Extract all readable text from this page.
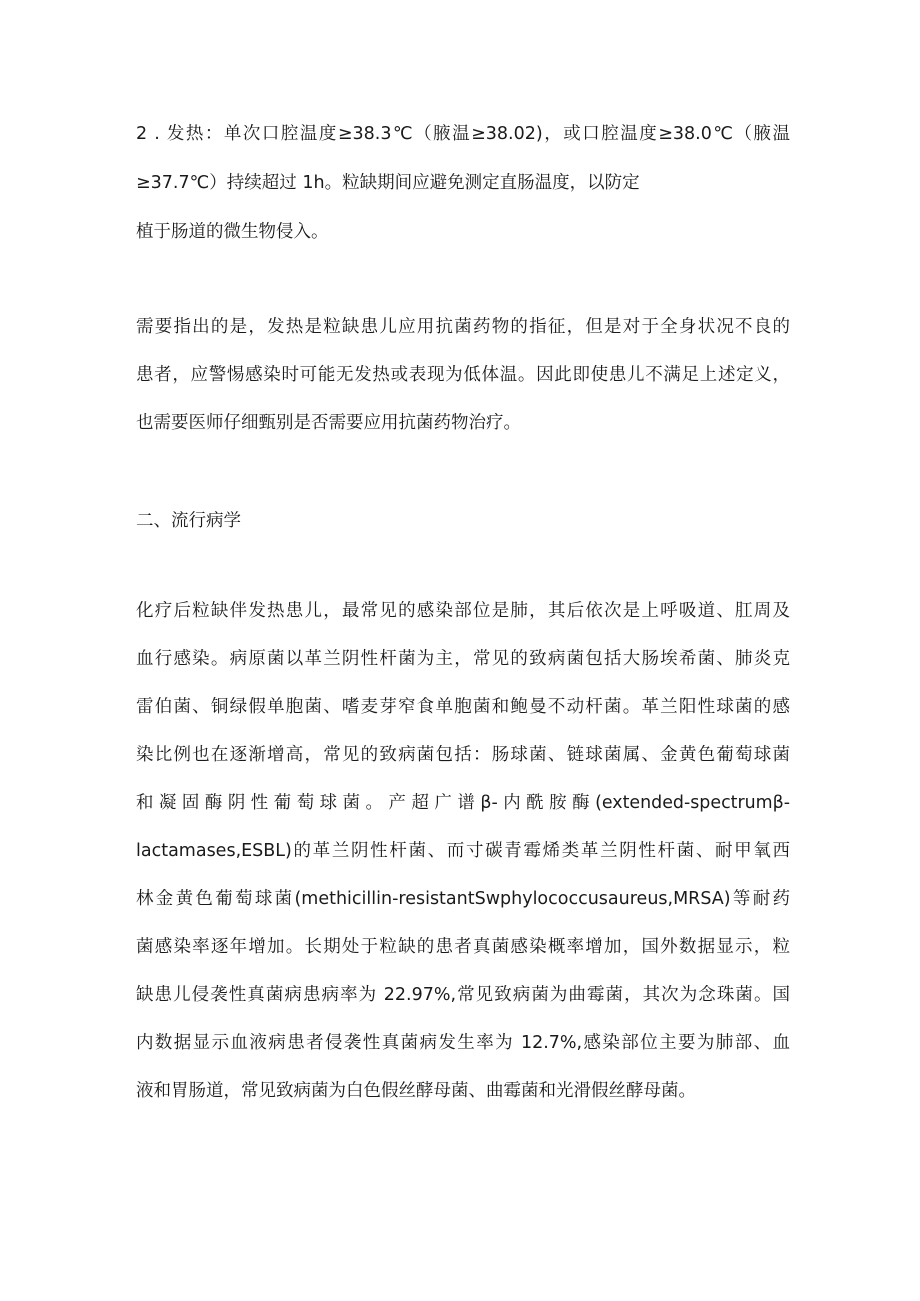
2 . 发热：单次口腔温度≥38.3℃（腋温≥38.02)，或口腔温度≥38.0℃（腋温

≥37.7℃）持续超过 1h。粒缺期间应避免测定直肠温度，以防定

植于肠道的微生物侵入。

需要指出的是，发热是粒缺患儿应用抗菌药物的指征，但是对于全身状况不良的

患者，应警惕感染时可能无发热或表现为低体温。因此即使患儿不满足上述定义，

也需要医师仔细甄别是否需要应用抗菌药物治疗。

二、流行病学

化疗后粒缺伴发热患儿，最常见的感染部位是肺，其后依次是上呼吸道、肛周及

血行感染。病原菌以革兰阴性杆菌为主，常见的致病菌包括大肠埃希菌、肺炎克

雷伯菌、铜绿假单胞菌、嗜麦芽窄食单胞菌和鲍曼不动杆菌。革兰阳性球菌的感

染比例也在逐渐增高，常见的致病菌包括：肠球菌、链球菌属、金黄色葡萄球菌

和 凝 固 酶 阴 性 葡 萄 球 菌 。 产 超 广 谱 β- 内 酰 胺 酶 (extended-spectrumβ-

lactamases,ESBL)的革兰阴性杆菌、而寸碳青霉烯类革兰阴性杆菌、耐甲氧西

林金黄色葡萄球菌(methicillin-resistantSwphylococcusaureus,MRSA)等耐药

菌感染率逐年增加。长期处于粒缺的患者真菌感染概率增加，国外数据显示，粒

缺患儿侵袭性真菌病患病率为 22.97%,常见致病菌为曲霉菌，其次为念珠菌。国

内数据显示血液病患者侵袭性真菌病发生率为 12.7%,感染部位主要为肺部、血

液和胃肠道，常见致病菌为白色假丝酵母菌、曲霉菌和光滑假丝酵母菌。
